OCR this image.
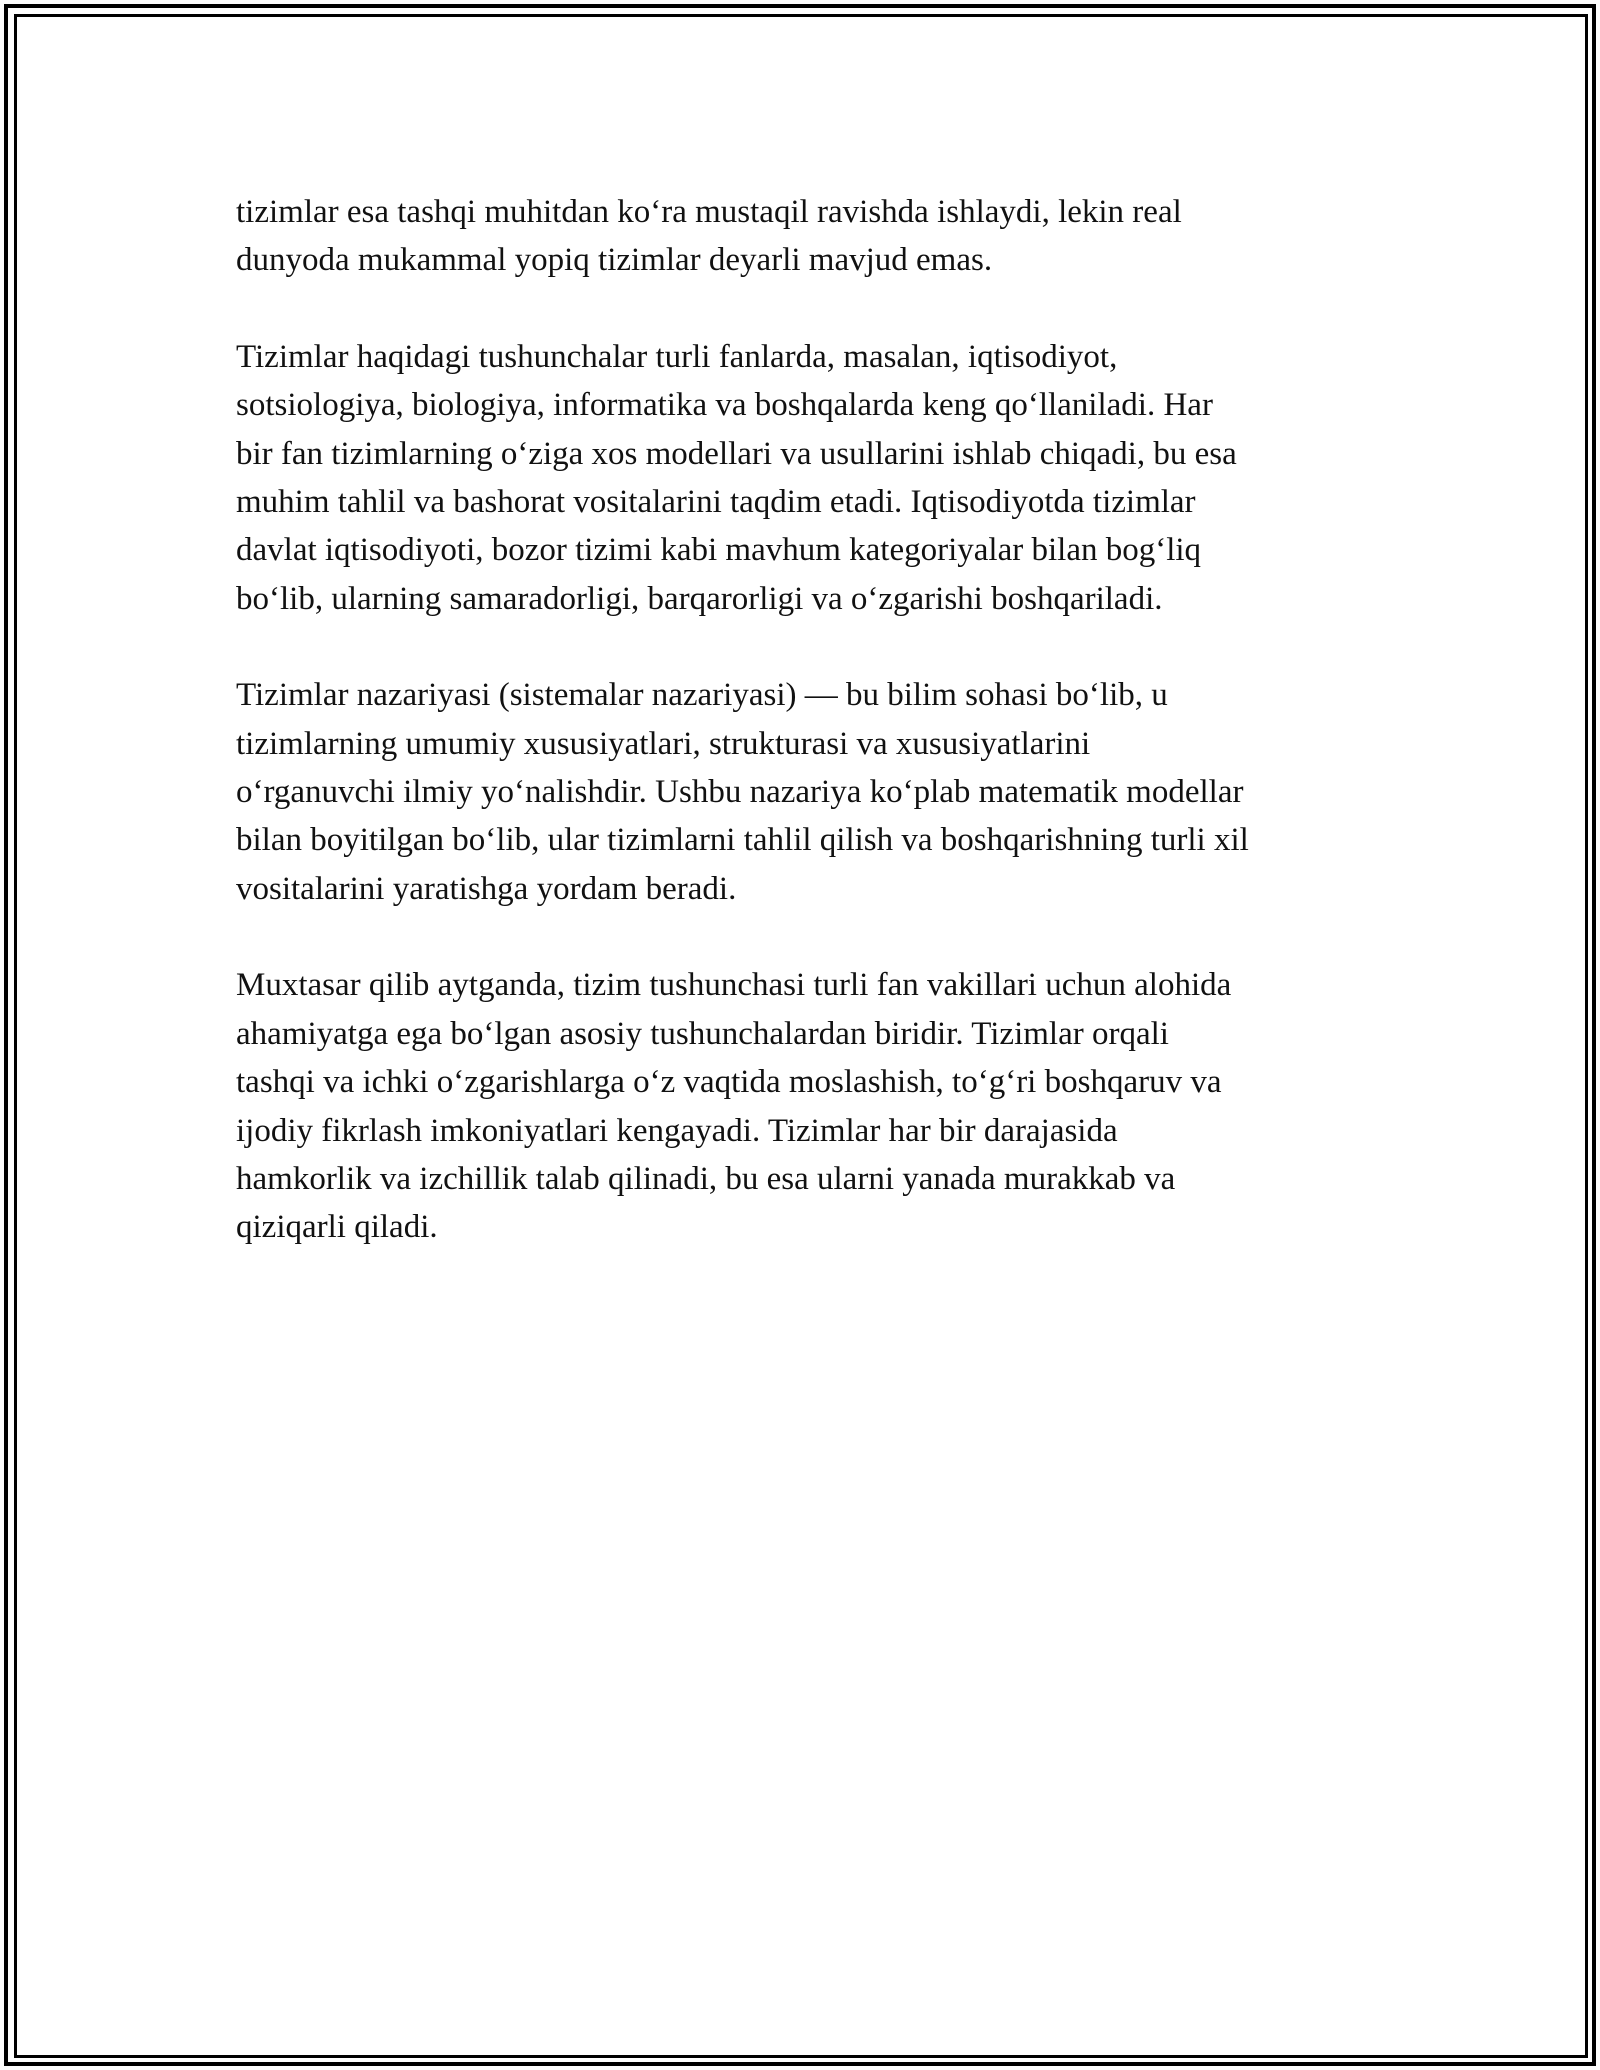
tizimlar esa tashqi muhitdan ko‘ra mustaqil ravishda ishlaydi, lekin real
dunyoda mukammal yopiq tizimlar deyarli mavjud emas.

Tizimlar haqidagi tushunchalar turli fanlarda, masalan, iqtisodiyot,
sotsiologiya, biologiya, informatika va boshqalarda keng qo‘llaniladi. Har
bir fan tizimlarning o‘ziga xos modellari va usullarini ishlab chiqadi, bu esa
muhim tahlil va bashorat vositalarini taqdim etadi. Iqtisodiyotda tizimlar
davlat iqtisodiyoti, bozor tizimi kabi mavhum kategoriyalar bilan bog‘liq
bo‘lib, ularning samaradorligi, barqarorligi va o‘zgarishi boshqariladi.

Tizimlar nazariyasi (sistemalar nazariyasi) — bu bilim sohasi bo‘lib, u
tizimlarning umumiy xususiyatlari, strukturasi va xususiyatlarini
o‘rganuvchi ilmiy yo‘nalishdir. Ushbu nazariya ko‘plab matematik modellar
bilan boyitilgan bo‘lib, ular tizimlarni tahlil qilish va boshqarishning turli xil
vositalarini yaratishga yordam beradi.

Muxtasar qilib aytganda, tizim tushunchasi turli fan vakillari uchun alohida
ahamiyatga ega bo‘lgan asosiy tushunchalardan biridir. Tizimlar orqali
tashqi va ichki o‘zgarishlarga o‘z vaqtida moslashish, to‘g‘ri boshqaruv va
ijodiy fikrlash imkoniyatlari kengayadi. Tizimlar har bir darajasida
hamkorlik va izchillik talab qilinadi, bu esa ularni yanada murakkab va
qiziqarli qiladi.
